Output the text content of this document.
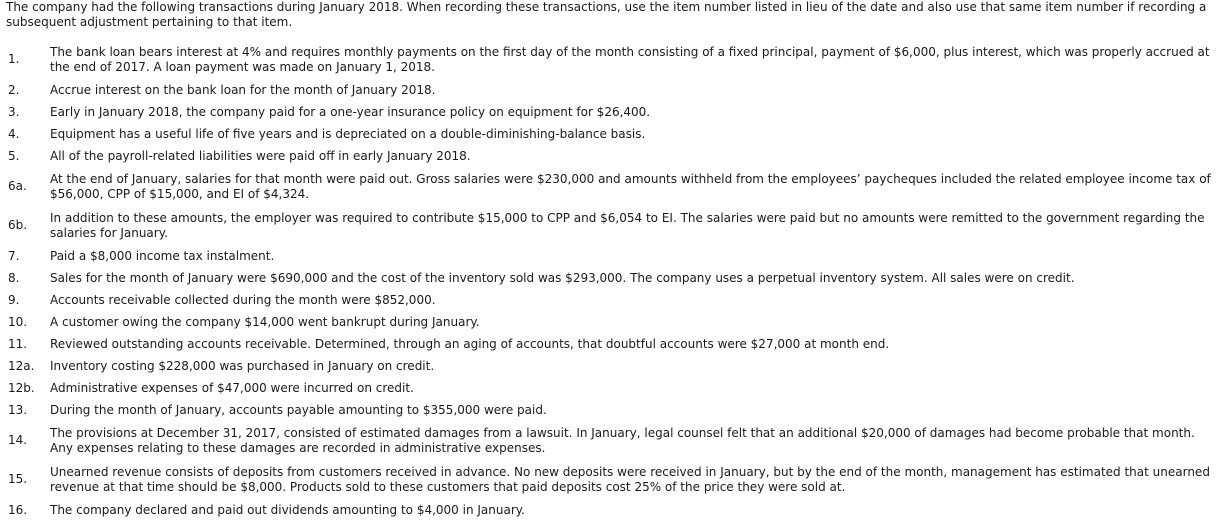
The company had the following transactions during January 2018. When recording these transactions, use the item number listed in lieu of the date and also use that same item number if recording a subsequent adjustment pertaining to that item.

1.
The bank loan bears interest at 4% and requires monthly payments on the first day of the month consisting of a fixed principal, payment of $6,000, plus interest, which was properly accrued at the end of 2017. A loan payment was made on January 1, 2018.
2.	Accrue interest on the bank loan for the month of January 2018.
3.	Early in January 2018, the company paid for a one-year insurance policy on equipment for $26,400.
4.	Equipment has a useful life of five years and is depreciated on a double-diminishing-balance basis.
5.	All of the payroll-related liabilities were paid off in early January 2018.
6a.
At the end of January, salaries for that month were paid out. Gross salaries were $230,000 and amounts withheld from the employees’ paycheques included the related employee income tax of $56,000, CPP of $15,000, and EI of $4,324.
6b.
In addition to these amounts, the employer was required to contribute $15,000 to CPP and $6,054 to EI. The salaries were paid but no amounts were remitted to the government regarding the salaries for January.
7.	Paid a $8,000 income tax instalment.
8.	Sales for the month of January were $690,000 and the cost of the inventory sold was $293,000. The company uses a perpetual inventory system. All sales were on credit.
9.	Accounts receivable collected during the month were $852,000.
10.	A customer owing the company $14,000 went bankrupt during January.
11.	Reviewed outstanding accounts receivable. Determined, through an aging of accounts, that doubtful accounts were $27,000 at month end.
12a.	Inventory costing $228,000 was purchased in January on credit.
12b.	Administrative expenses of $47,000 were incurred on credit.
13.	During the month of January, accounts payable amounting to $355,000 were paid.
14.
The provisions at December 31, 2017, consisted of estimated damages from a lawsuit. In January, legal counsel felt that an additional $20,000 of damages had become probable that month. Any expenses relating to these damages are recorded in administrative expenses.
15.
Unearned revenue consists of deposits from customers received in advance. No new deposits were received in January, but by the end of the month, management has estimated that unearned revenue at that time should be $8,000. Products sold to these customers that paid deposits cost 25% of the price they were sold at.
16.	The company declared and paid out dividends amounting to $4,000 in January.
